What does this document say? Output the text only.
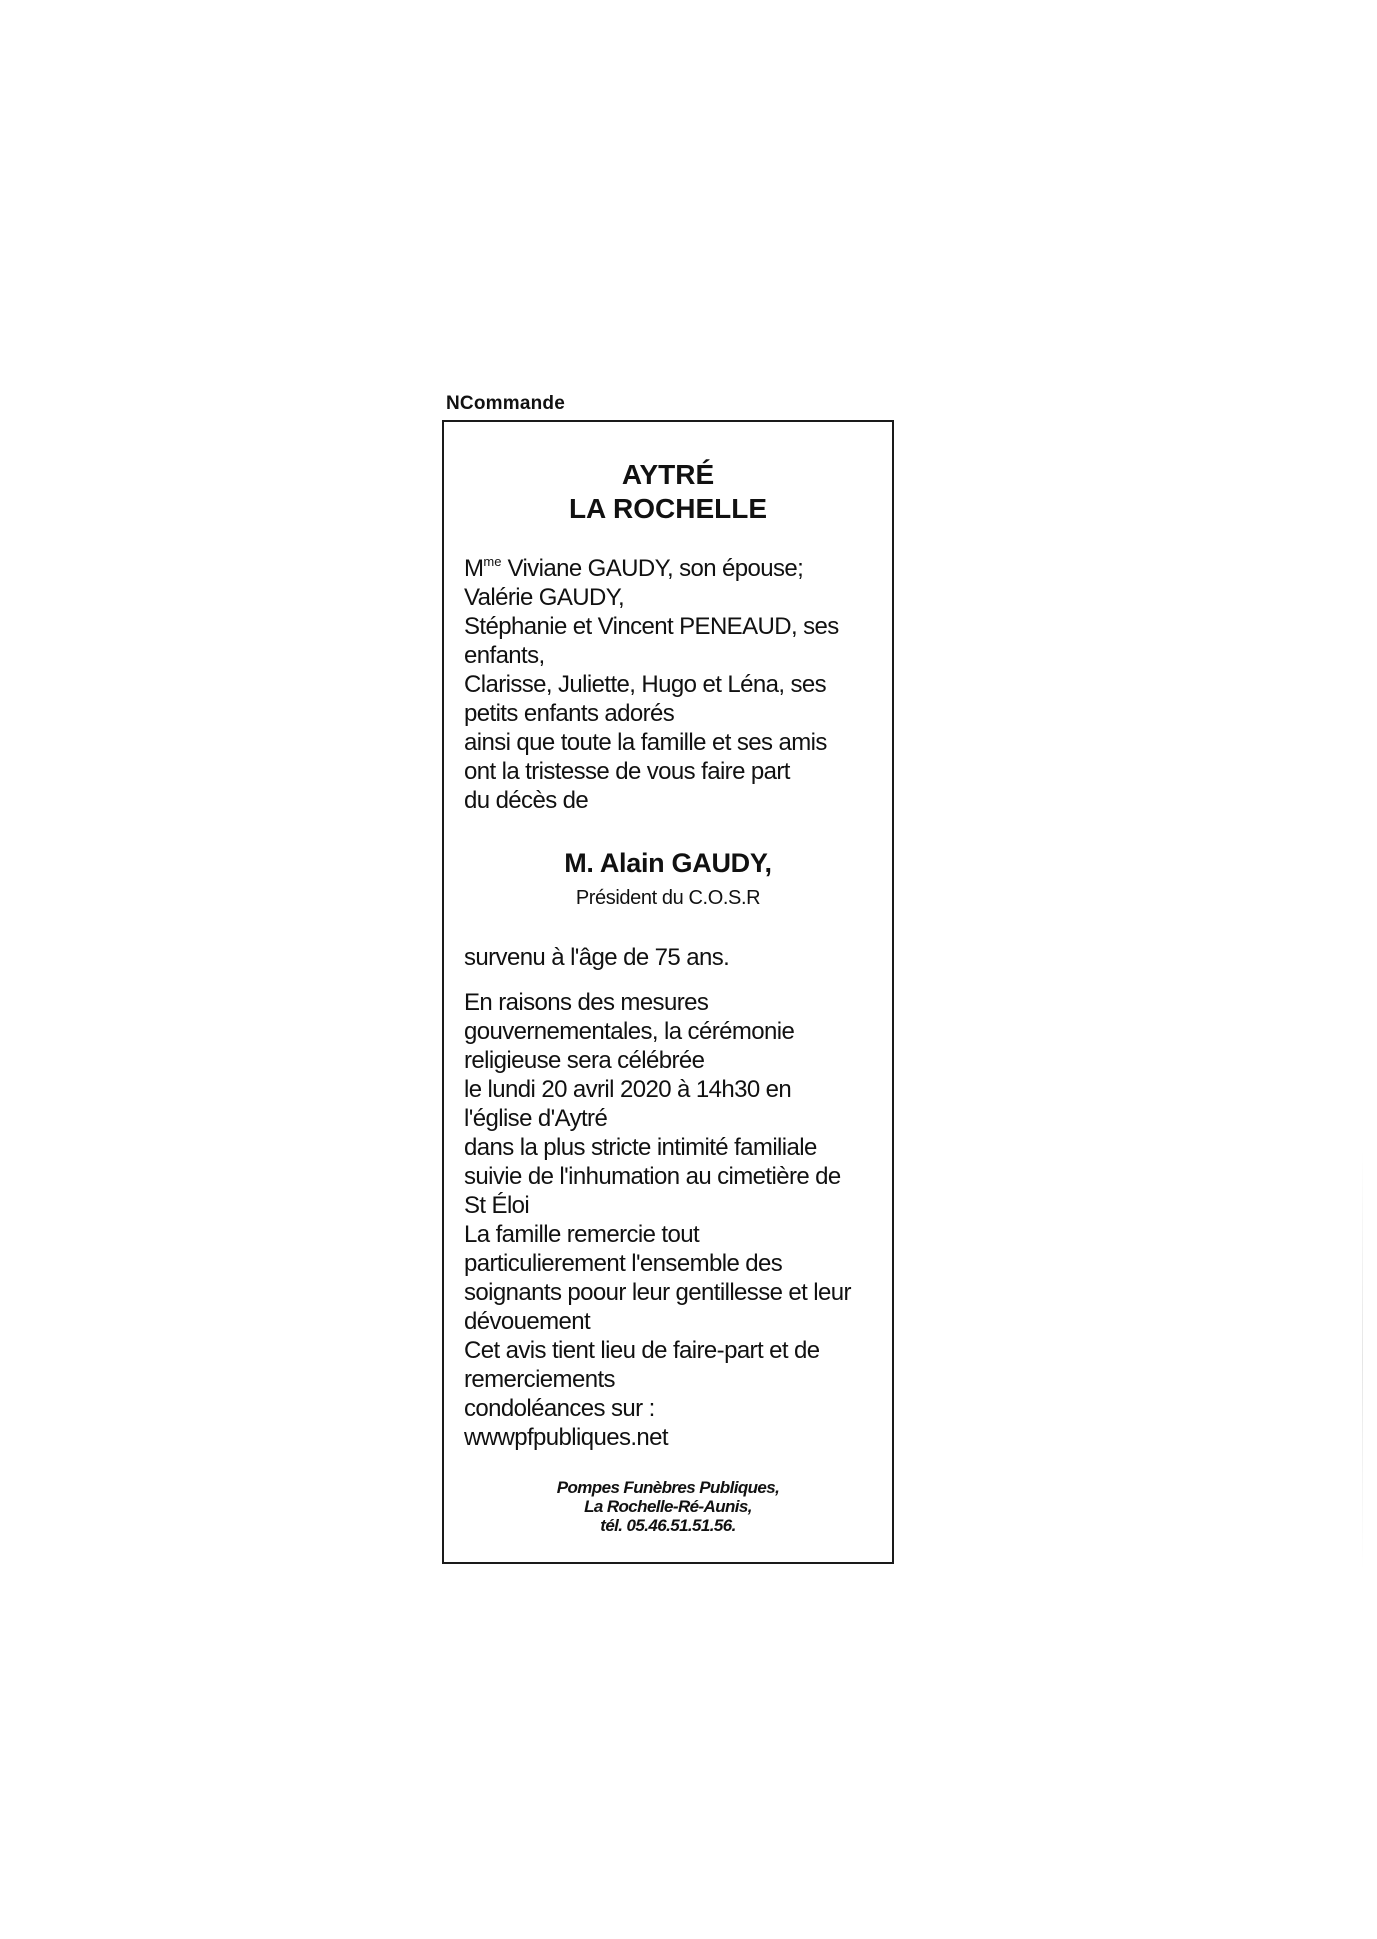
NCommande
AYTRÉ
LA ROCHELLE

$M^{me}$ Viviane GAUDY, son épouse;

Valérie GAUDY,

Stéphanie et Vincent PENEAUD, ses

enfants,

Clarisse, Juliette, Hugo et Léna, ses

petits enfants adorés

ainsi que toute la famille et ses amis

ont la tristesse de vous faire part

du décès de

M. Alain GAUDY,
Président du C.O.S.R
survenu à l'âge de 75 ans.

En raisons des mesures

gouvernementales, la cérémonie

religieuse sera célébrée

le lundi 20 avril 2020 à 14h30 en

l'église d'Aytré

dans la plus stricte intimité familiale

suivie de l'inhumation au cimetière de

St Éloi

La famille remercie tout

particulierement l'ensemble des

soignants poour leur gentillesse et leur

dévouement

Cet avis tient lieu de faire-part et de

remerciements

condoléances sur :

wwwpfpubliques.net

Pompes Funèbres Publiques,
La Rochelle-Ré-Aunis,
tél. 05.46.51.51.56.
